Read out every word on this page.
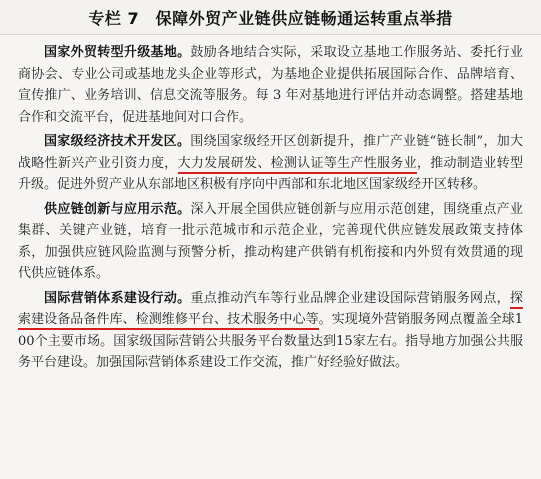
专栏 7　保障外贸产业链供应链畅通运转重点举措

国家外贸转型升级基地。鼓励各地结合实际，采取设立基地工作服务站、委托行业商协会、专业公司或基地龙头企业等形式，为基地企业提供拓展国际合作、品牌培育、宣传推广、业务培训、信息交流等服务。每 3 年对基地进行评估并动态调整。搭建基地合作和交流平台，促进基地间对口合作。

国家级经济技术开发区。围绕国家级经开区创新提升，推广产业链“链长制”，加大战略性新兴产业引资力度，大力发展研发、检测认证等生产性服务业，推动制造业转型升级。促进外贸产业从东部地区积极有序向中西部和东北地区国家级经开区转移。

供应链创新与应用示范。深入开展全国供应链创新与应用示范创建，围绕重点产业集群、关键产业链，培育一批示范城市和示范企业，完善现代供应链发展政策支持体系，加强供应链风险监测与预警分析，推动构建产供销有机衔接和内外贸有效贯通的现代供应链体系。

国际营销体系建设行动。重点推动汽车等行业品牌企业建设国际营销服务网点，探索建设备品备件库、检测维修平台、技术服务中心等。实现境外营销服务网点覆盖全球100个主要市场。国家级国际营销公共服务平台数量达到15家左右。指导地方加强公共服务平台建设。加强国际营销体系建设工作交流，推广好经验好做法。
